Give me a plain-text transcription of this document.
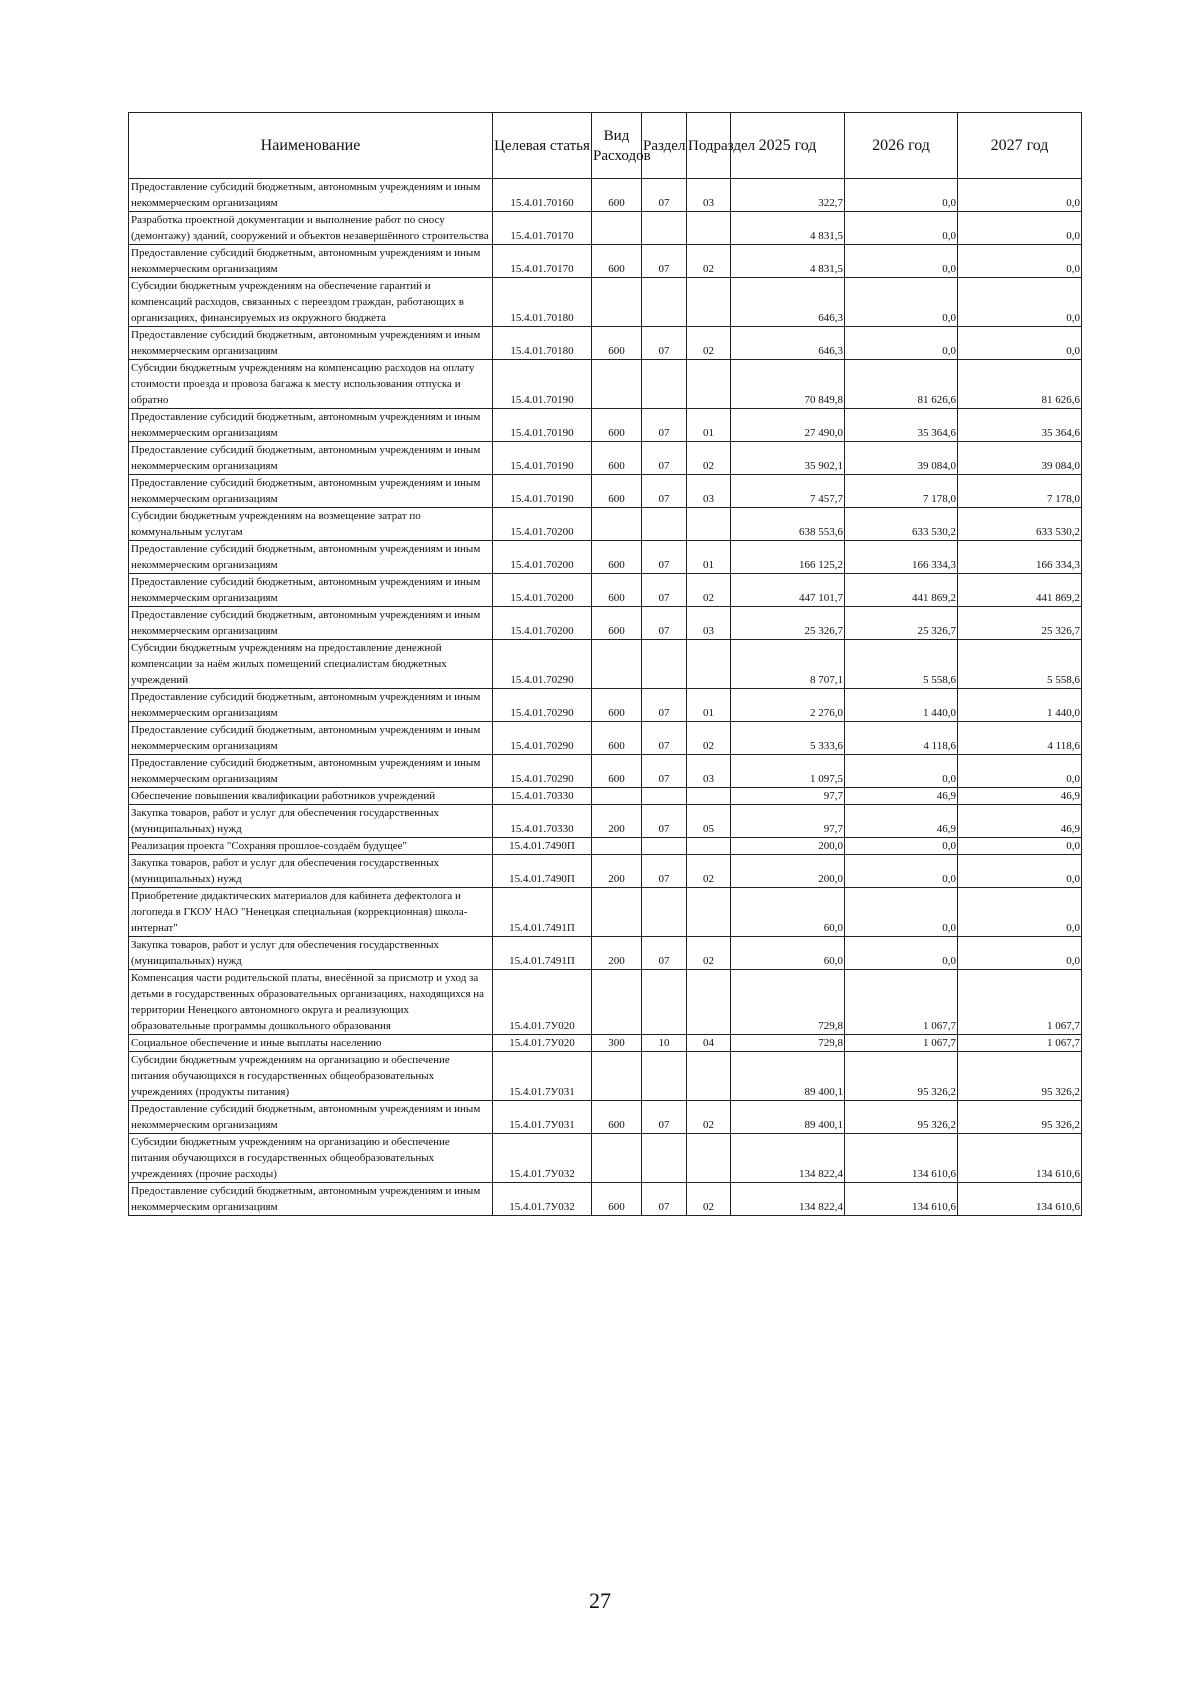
Наименование	Целевая статья	Вид Расходов	Раздел	Подраздел	2025 год	2026 год	2027 год
Предоставление субсидий бюджетным, автономным учреждениям и иным некоммерческим организациям	15.4.01.70160	600	07	03	322,7	0,0	0,0
Разработка проектной документации и выполнение работ по сносу (демонтажу) зданий, сооружений и объектов незавершённого строительства	15.4.01.70170				4 831,5	0,0	0,0
Предоставление субсидий бюджетным, автономным учреждениям и иным некоммерческим организациям	15.4.01.70170	600	07	02	4 831,5	0,0	0,0
Субсидии бюджетным учреждениям на обеспечение гарантий и компенсаций расходов, связанных с переездом граждан, работающих в организациях, финансируемых из окружного бюджета	15.4.01.70180				646,3	0,0	0,0
Предоставление субсидий бюджетным, автономным учреждениям и иным некоммерческим организациям	15.4.01.70180	600	07	02	646,3	0,0	0,0
Субсидии бюджетным учреждениям на компенсацию расходов на оплату стоимости проезда и провоза багажа к месту использования отпуска и обратно	15.4.01.70190				70 849,8	81 626,6	81 626,6
Предоставление субсидий бюджетным, автономным учреждениям и иным некоммерческим организациям	15.4.01.70190	600	07	01	27 490,0	35 364,6	35 364,6
Предоставление субсидий бюджетным, автономным учреждениям и иным некоммерческим организациям	15.4.01.70190	600	07	02	35 902,1	39 084,0	39 084,0
Предоставление субсидий бюджетным, автономным учреждениям и иным некоммерческим организациям	15.4.01.70190	600	07	03	7 457,7	7 178,0	7 178,0
Субсидии бюджетным учреждениям на возмещение затрат по коммунальным услугам	15.4.01.70200				638 553,6	633 530,2	633 530,2
Предоставление субсидий бюджетным, автономным учреждениям и иным некоммерческим организациям	15.4.01.70200	600	07	01	166 125,2	166 334,3	166 334,3
Предоставление субсидий бюджетным, автономным учреждениям и иным некоммерческим организациям	15.4.01.70200	600	07	02	447 101,7	441 869,2	441 869,2
Предоставление субсидий бюджетным, автономным учреждениям и иным некоммерческим организациям	15.4.01.70200	600	07	03	25 326,7	25 326,7	25 326,7
Субсидии бюджетным учреждениям на предоставление денежной компенсации за наём жилых помещений специалистам бюджетных учреждений	15.4.01.70290				8 707,1	5 558,6	5 558,6
Предоставление субсидий бюджетным, автономным учреждениям и иным некоммерческим организациям	15.4.01.70290	600	07	01	2 276,0	1 440,0	1 440,0
Предоставление субсидий бюджетным, автономным учреждениям и иным некоммерческим организациям	15.4.01.70290	600	07	02	5 333,6	4 118,6	4 118,6
Предоставление субсидий бюджетным, автономным учреждениям и иным некоммерческим организациям	15.4.01.70290	600	07	03	1 097,5	0,0	0,0
Обеспечение повышения квалификации работников учреждений	15.4.01.70330				97,7	46,9	46,9
Закупка товаров, работ и услуг для обеспечения государственных (муниципальных) нужд	15.4.01.70330	200	07	05	97,7	46,9	46,9
Реализация проекта "Сохраняя прошлое-создаём будущее"	15.4.01.7490П				200,0	0,0	0,0
Закупка товаров, работ и услуг для обеспечения государственных (муниципальных) нужд	15.4.01.7490П	200	07	02	200,0	0,0	0,0
Приобретение дидактических материалов для кабинета дефектолога и логопеда в ГКОУ НАО "Ненецкая специальная (коррекционная) школа-интернат"	15.4.01.7491П				60,0	0,0	0,0
Закупка товаров, работ и услуг для обеспечения государственных (муниципальных) нужд	15.4.01.7491П	200	07	02	60,0	0,0	0,0
Компенсация части родительской платы, внесённой за присмотр и уход за детьми в государственных образовательных организациях, находящихся на территории Ненецкого автономного округа и реализующих образовательные программы дошкольного образования	15.4.01.7У020				729,8	1 067,7	1 067,7
Социальное обеспечение и иные выплаты населению	15.4.01.7У020	300	10	04	729,8	1 067,7	1 067,7
Субсидии бюджетным учреждениям на организацию и обеспечение питания обучающихся в государственных общеобразовательных учреждениях (продукты питания)	15.4.01.7У031				89 400,1	95 326,2	95 326,2
Предоставление субсидий бюджетным, автономным учреждениям и иным некоммерческим организациям	15.4.01.7У031	600	07	02	89 400,1	95 326,2	95 326,2
Субсидии бюджетным учреждениям на организацию и обеспечение питания обучающихся в государственных общеобразовательных учреждениях (прочие расходы)	15.4.01.7У032				134 822,4	134 610,6	134 610,6
Предоставление субсидий бюджетным, автономным учреждениям и иным некоммерческим организациям	15.4.01.7У032	600	07	02	134 822,4	134 610,6	134 610,6
27
